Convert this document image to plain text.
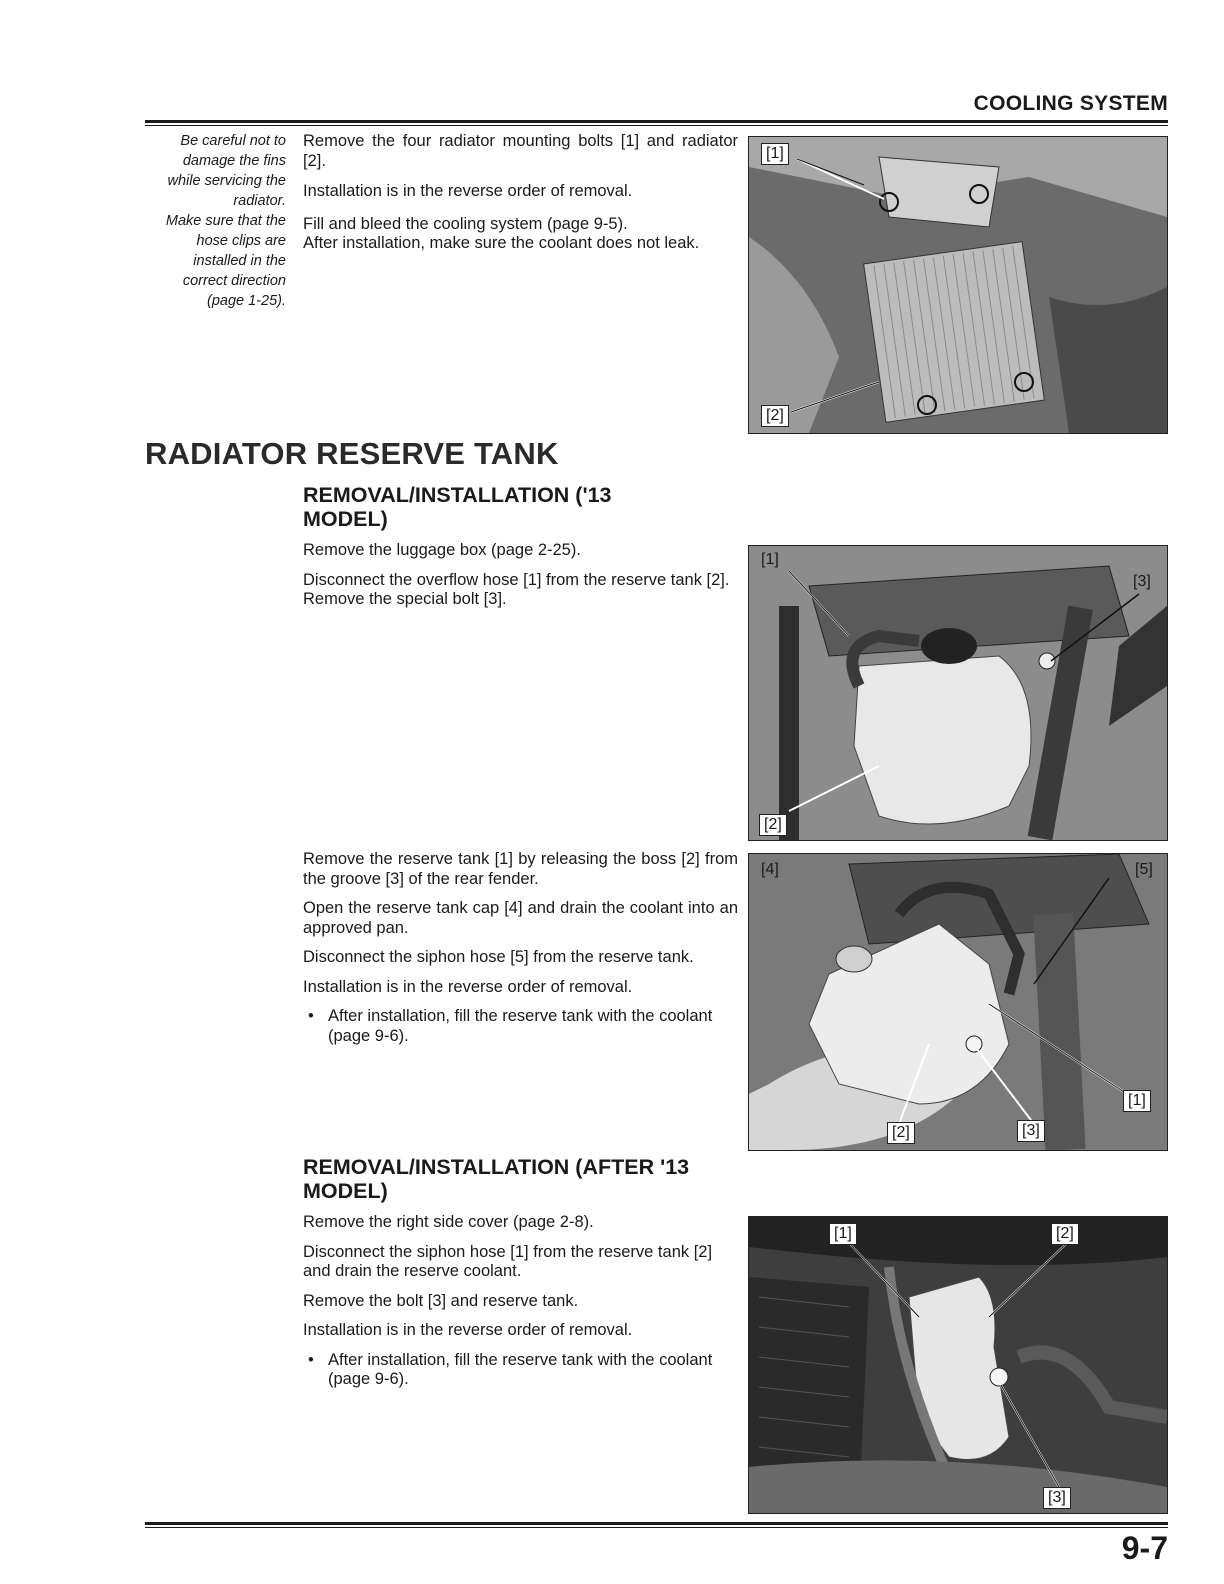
COOLING SYSTEM

Be careful not to

damage the fins

while servicing the

radiator.

Make sure that the

hose clips are

installed in the

correct direction

(page 1-25).

Remove the four radiator mounting bolts [1] and radiator [2].

Installation is in the reverse order of removal.

Fill and bleed the cooling system (page 9-5).

After installation, make sure the coolant does not leak.

[1]
[2]
RADIATOR RESERVE TANK
REMOVAL/INSTALLATION ('13 MODEL)

Remove the luggage box (page 2-25).

Disconnect the overflow hose [1] from the reserve tank [2].

Remove the special bolt [3].

[1]
[3]
[2]

Remove the reserve tank [1] by releasing the boss [2] from the groove [3] of the rear fender.

Open the reserve tank cap [4] and drain the coolant into an approved pan.

Disconnect the siphon hose [5] from the reserve tank.

Installation is in the reverse order of removal.

• After installation, fill the reserve tank with the coolant (page 9-6).

[4]	[5]
[1]
[2]	[3]
REMOVAL/INSTALLATION (AFTER '13 MODEL)

Remove the right side cover (page 2-8).

Disconnect the siphon hose [1] from the reserve tank [2] and drain the reserve coolant.

Remove the bolt [3] and reserve tank.

Installation is in the reverse order of removal.

• After installation, fill the reserve tank with the coolant (page 9-6).

[1]	[2]
[3]
9-7
